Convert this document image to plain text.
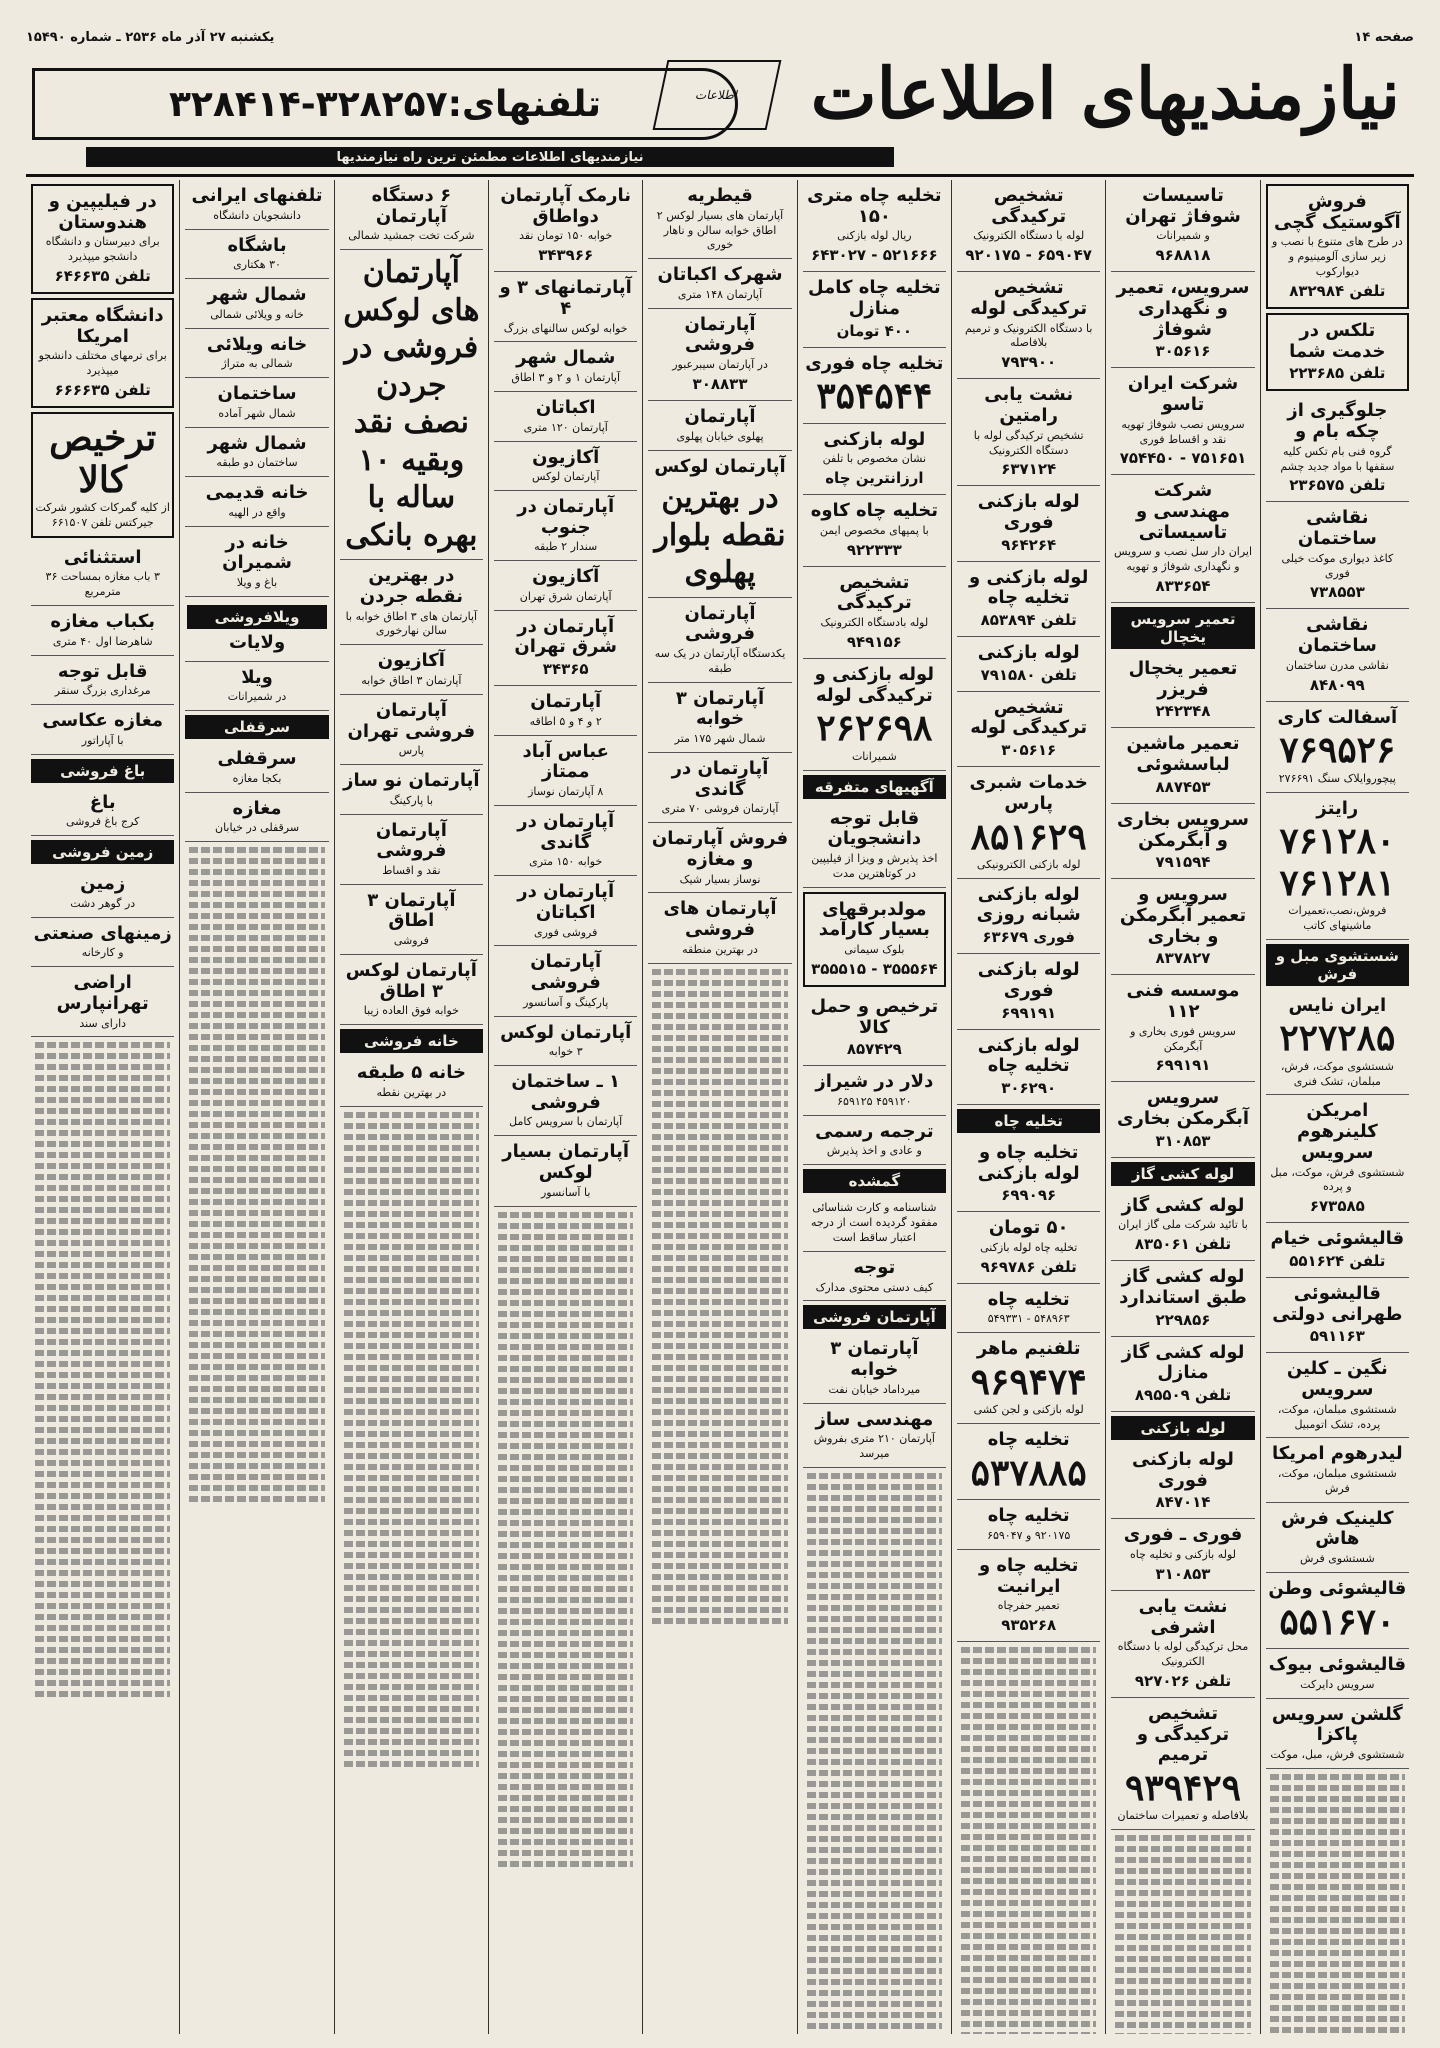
صفحه ۱۴
یکشنبه ۲۷ آذر ماه ۲۵۳۶ ـ شماره ۱۵۴۹۰
نیازمندیهای اطلاعات
اطلاعات
تلفنهای:۳۲۸۲۵۷-۳۲۸۴۱۴
نیازمندیهای اطلاعات مطمئن ترین راه نیازمندیها
فروش آگوستیک گچی
در طرح های متنوع با نصب و زیر سازی آلومینیوم و دیوارکوب
تلفن ۸۳۲۹۸۴
تلکس در خدمت شما
تلفن ۲۲۳۶۸۵
جلوگیری از چکه بام و
گروه فنی بام تکس کلیه سقفها با مواد جدید چشم
تلفن ۲۳۶۵۷۵
نقاشی ساختمان
کاغذ دیواری موکت خیلی فوری
۷۳۸۵۵۳
نقاشی ساختمان
نقاشی مدرن ساختمان
۸۴۸۰۹۹
آسفالت کاری
۷۶۹۵۲۶
پیچوروایلاک سنگ ۲۷۶۶۹۱
رایتز
۷۶۱۲۸۰ ۷۶۱۲۸۱
فروش،نصب،تعمیرات ماشینهای کاتب
شستشوی مبل و فرش
ایران نایس
۲۲۷۲۸۵
شستشوی موکت، فرش، مبلمان، تشک فنری
امریکن کلینرهوم سرویس
شستشوی فرش، موکت، مبل و پرده
۶۷۳۵۸۵
قالیشوئی خیام
تلفن ۵۵۱۶۲۴
قالیشوئی طهرانی دولتی
۵۹۱۱۶۳
نگین ـ کلین سرویس
شستشوی مبلمان، موکت، پرده، تشک اتومبیل
لیدرهوم امریکا
شستشوی مبلمان، موکت، فرش
کلینیک فرش هاش
شستشوی فرش
قالیشوئی وطن
۵۵۱۶۷۰
قالیشوئی بیوک
سرویس دایرکت
گلشن سرویس پاکزا
شستشوی فرش، مبل، موکت
تاسیسات شوفاژ تهران
و شمیرانات
۹۶۸۸۱۸
سرویس، تعمیر و نگهداری شوفاژ
۳۰۵۶۱۶
شرکت ایران تاسو
سرویس نصب شوفاژ تهویه نقد و اقساط فوری
۷۵۱۶۵۱ - ۷۵۴۴۵۰
شرکت مهندسی و تاسیساتی
ایران دار سل نصب و سرویس و نگهداری شوفاژ و تهویه
۸۳۳۶۵۴
تعمیر سرویس یخچال
تعمیر یخچال فریزر
۲۴۲۳۴۸
تعمیر ماشین لباسشوئی
۸۸۷۴۵۳
سرویس بخاری و آبگرمکن
۷۹۱۵۹۴
سرویس و تعمیر آبگرمکن و بخاری
۸۳۷۸۲۷
موسسه فنی ۱۱۲
سرویس فوری بخاری و آبگرمکن
۶۹۹۱۹۱
سرویس آبگرمکن بخاری
۳۱۰۸۵۳
لوله کشی گاز
لوله کشی گاز
با تائید شرکت ملی گاز ایران
تلفن ۸۳۵۰۶۱
لوله کشی گاز طبق استاندارد
۲۲۹۸۵۶
لوله کشی گاز منازل
تلفن ۸۹۵۵۰۹
لوله بازکنی
لوله بازکنی فوری
۸۴۷۰۱۴
فوری ـ فوری
لوله بازکنی و تخلیه چاه
۳۱۰۸۵۳
نشت یابی اشرفی
محل ترکیدگی لوله با دستگاه الکترونیک
تلفن ۹۲۷۰۲۶
تشخیص ترکیدگی و ترمیم
۹۳۹۴۲۹
بلافاصله و تعمیرات ساختمان
تشخیص ترکیدگی
لوله با دستگاه الکترونیک
۶۵۹۰۴۷ - ۹۲۰۱۷۵
تشخیص ترکیدگی لوله
با دستگاه الکترونیک و ترمیم بلافاصله
۷۹۳۹۰۰
نشت یابی رامتین
تشخیص ترکیدگی لوله با دستگاه الکترونیک
۶۳۷۱۲۴
لوله بازکنی فوری
۹۶۴۲۶۴
لوله بازکنی و تخلیه چاه
تلفن ۸۵۳۸۹۴
لوله بازکنی
تلفن ۷۹۱۵۸۰
تشخیص ترکیدگی لوله
۳۰۵۶۱۶
خدمات شبری پارس
۸۵۱۶۲۹
لوله بازکنی الکترونیکی
لوله بازکنی شبانه روزی
فوری ۶۳۶۷۹
لوله بازکنی فوری
۶۹۹۱۹۱
لوله بازکنی تخلیه چاه
۳۰۶۲۹۰
تخلیه چاه
تخلیه چاه و لوله بازکنی
۶۹۹۰۹۶
۵۰ تومان
تخلیه چاه لوله بازکنی
تلفن ۹۶۹۷۸۶
تخلیه چاه
۵۴۸۹۶۳ - ۵۴۹۳۳۱
تلفنیم ماهر
۹۶۹۴۷۴
لوله بازکنی و لجن کشی
تخلیه چاه
۵۳۷۸۸۵
تخلیه چاه
۹۲۰۱۷۵ و ۶۵۹۰۴۷
تخلیه چاه و ایرانیت
تعمیر حفرچاه
۹۳۵۲۶۸
تخلیه چاه متری ۱۵۰
ریال لوله بازکنی
۵۲۱۶۶۶ - ۶۴۳۰۲۷
تخلیه چاه کامل منازل
۴۰۰ تومان
تخلیه چاه فوری
۳۵۴۵۴۴
لوله بازکنی
نشان مخصوص با تلفن
ارزانترین چاه
تخلیه چاه کاوه
با پمپهای مخصوص ایمن
۹۲۲۳۳۳
تشخیص ترکیدگی
لوله بادستگاه الکترونیک
۹۴۹۱۵۶
لوله بازکنی و ترکیدگی لوله
۲۶۲۶۹۸
شمیرانات
آگهیهای متفرقه
قابل توجه دانشجویان
اخذ پذیرش و ویزا از فیلیپین در کوتاهترین مدت
مولدبرقهای بسیار کارآمد
بلوک سیمانی
۳۵۵۵۶۴ - ۳۵۵۵۱۵
ترخیص و حمل کالا
۸۵۷۴۲۹
دلار در شیراز
۴۵۹۱۲۰ ۶۵۹۱۲۵
ترجمه رسمی
و عادی و اخذ پذیرش
گمشده
شناسنامه و کارت شناسائی مفقود گردیده است از درجه اعتبار ساقط است
توجه
کیف دستی محتوی مدارک
آپارتمان فروشی
آپارتمان ۳ خوابه
میرداماد خیابان نفت
مهندسی ساز
آپارتمان ۲۱۰ متری بفروش میرسد
قیطریه
آپارتمان های بسیار لوکس ۲ اطاق خوابه سالن و ناهار خوری
شهرک اکباتان
آپارتمان ۱۴۸ متری
آپارتمان فروشی
در آپارتمان سیبرعبور
۳۰۸۸۳۳
آپارتمان
پهلوی خیابان پهلوی
آپارتمان لوکس
در بهترین نقطه بلوار پهلوی
آپارتمان فروشی
یکدستگاه آپارتمان در یک سه طبقه
آپارتمان ۳ خوابه
شمال شهر ۱۷۵ متر
آپارتمان در گاندی
آپارتمان فروشی ۷۰ متری
فروش آپارتمان و مغازه
نوساز بسیار شیک
آپارتمان های فروشی
در بهترین منطقه
نارمک آپارتمان دواطاق
خوابه ۱۵۰ تومان نقد
۳۴۳۹۶۶
آپارتمانهای ۳ و ۴
خوابه لوکس سالنهای بزرگ
شمال شهر
آپارتمان ۱ و ۲ و ۳ اطاق
اکباتان
آپارتمان ۱۲۰ متری
آکازیون
آپارتمان لوکس
آپارتمان در جنوب
سندار ۲ طبقه
آکازیون
آپارتمان شرق تهران
آپارتمان در شرق تهران
۳۴۳۶۵
آپارتمان
۲ و ۴ و ۵ اطاقه
عباس آباد ممتاز
۸ آپارتمان نوساز
آپارتمان در گاندی
خوابه ۱۵۰ متری
آپارتمان در اکباتان
فروشی فوری
آپارتمان فروشی
پارکینگ و آسانسور
آپارتمان لوکس
۳ خوابه
۱ ـ ساختمان فروشی
آپارتمان با سرویس کامل
آپارتمان بسیار لوکس
با آسانسور
۶ دستگاه آپارتمان
شرکت تخت جمشید شمالی
آپارتمان های لوکس فروشی در جردن نصف نقد وبقیه ۱۰ ساله با بهره بانکی
در بهترین نقطه جردن
آپارتمان های ۳ اطاق خوابه با سالن نهارخوری
آکازیون
آپارتمان ۳ اطاق خوابه
آپارتمان فروشی تهران
پارس
آپارتمان نو ساز
با پارکینگ
آپارتمان فروشی
نقد و اقساط
آپارتمان ۳ اطاق
فروشی
آپارتمان لوکس ۳ اطاق
خوابه فوق العاده زیبا
خانه فروشی
خانه ۵ طبقه
در بهترین نقطه
تلفنهای ایرانی
دانشجویان دانشگاه
باشگاه
۳۰ هکتاری
شمال شهر
خانه و ویلائی شمالی
خانه ویلائی
شمالی به متراژ
ساختمان
شمال شهر آماده
شمال شهر
ساختمان دو طبقه
خانه قدیمی
واقع در الهیه
خانه در شمیران
باغ و ویلا
ویلافروشی
ولایات
ویلا
در شمیرانات
سرقفلی
سرقفلی
بکجا مغازه
مغازه
سرقفلی در خیابان
در فیلیپین و هندوستان
برای دبیرستان و دانشگاه دانشجو میپذیرد
تلفن ۶۴۶۶۳۵
دانشگاه معتبر امریکا
برای ترمهای مختلف دانشجو میپذیرد
تلفن ۶۶۶۶۳۵
ترخیص کالا
از کلیه گمرکات کشور شرکت جیرکتس تلفن ۶۶۱۵۰۷
استثنائی
۳ باب مغازه بمساحت ۳۶ مترمربع
بکباب مغازه
شاهرضا اول ۴۰ متری
قابل توجه
مرغداری بزرگ سنقر
مغازه عکاسی
با آپاراتور
باغ فروشی
باغ
کرج باغ فروشی
زمین فروشی
زمین
در گوهر دشت
زمینهای صنعتی
و کارخانه
اراضی تهرانپارس
دارای سند
